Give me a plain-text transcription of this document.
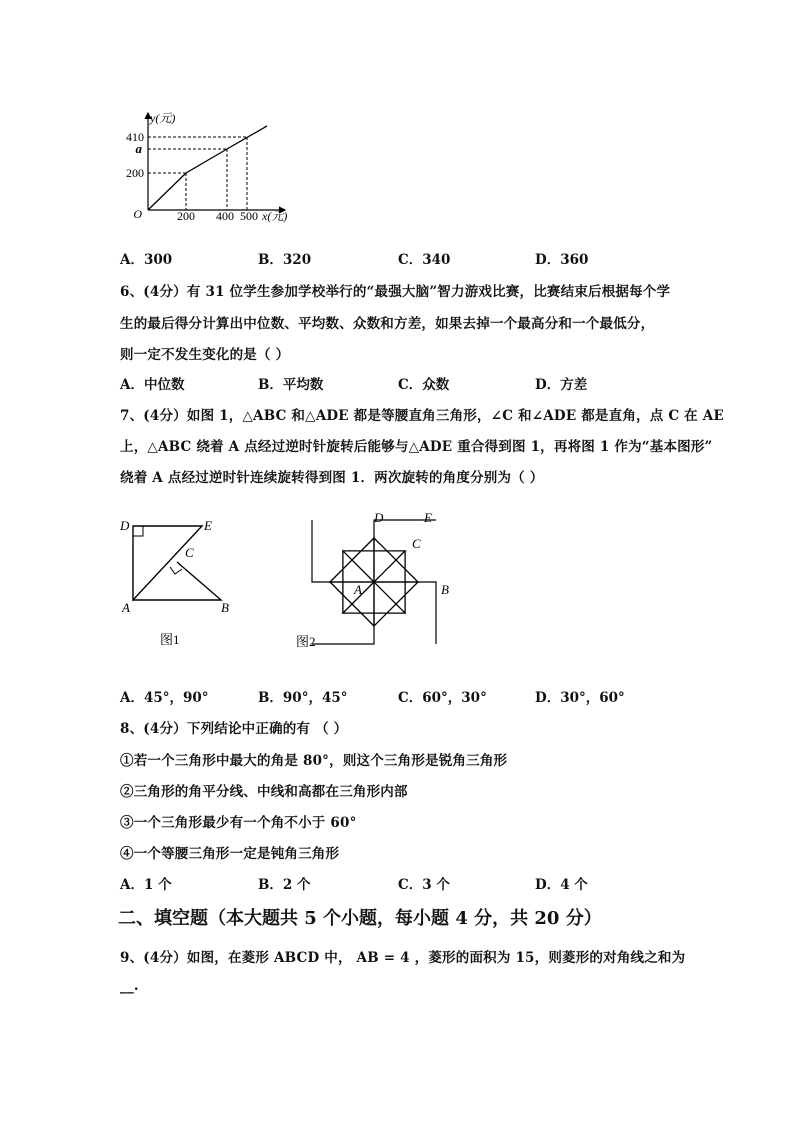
y(元)
410
a
200
O	200 400 500 x(元)
A．300	B．320	C．340	D．360
6、(4分）有 31 位学生参加学校举行的“最强大脑”智力游戏比赛，比赛结束后根据每个学
生的最后得分计算出中位数、平均数、众数和方差，如果去掉一个最高分和一个最低分，
则一定不发生变化的是（ ）
A．中位数	B．平均数	C．众数	D．方差
7、(4分）如图 1，△ABC 和△ADE 都是等腰直角三角形，∠C 和∠ADE 都是直角，点 C 在 AE
上，△ABC 绕着 A 点经过逆时针旋转后能够与△ADE 重合得到图 1，再将图 1 作为“基本图形”
绕着 A 点经过逆时针连续旋转得到图 1．两次旋转的角度分别为（ ）
D	E
C
A	B
图1
D	E
C
A	B
图2
A．45°，90°	B．90°，45°	C．60°，30°	D．30°，60°
8、(4分）下列结论中正确的有 （ ）
①若一个三角形中最大的角是 80°，则这个三角形是锐角三角形
②三角形的角平分线、中线和高都在三角形内部
③一个三角形最少有一个角不小于 60°
④一个等腰三角形一定是钝角三角形
A．1 个	B．2 个	C．3 个	D．4 个
二、填空题（本大题共 5 个小题，每小题 4 分，共 20 分）
9、(4分）如图，在菱形 ABCD 中， AB = 4 ，菱形的面积为 15，则菱形的对角线之和为
__.
